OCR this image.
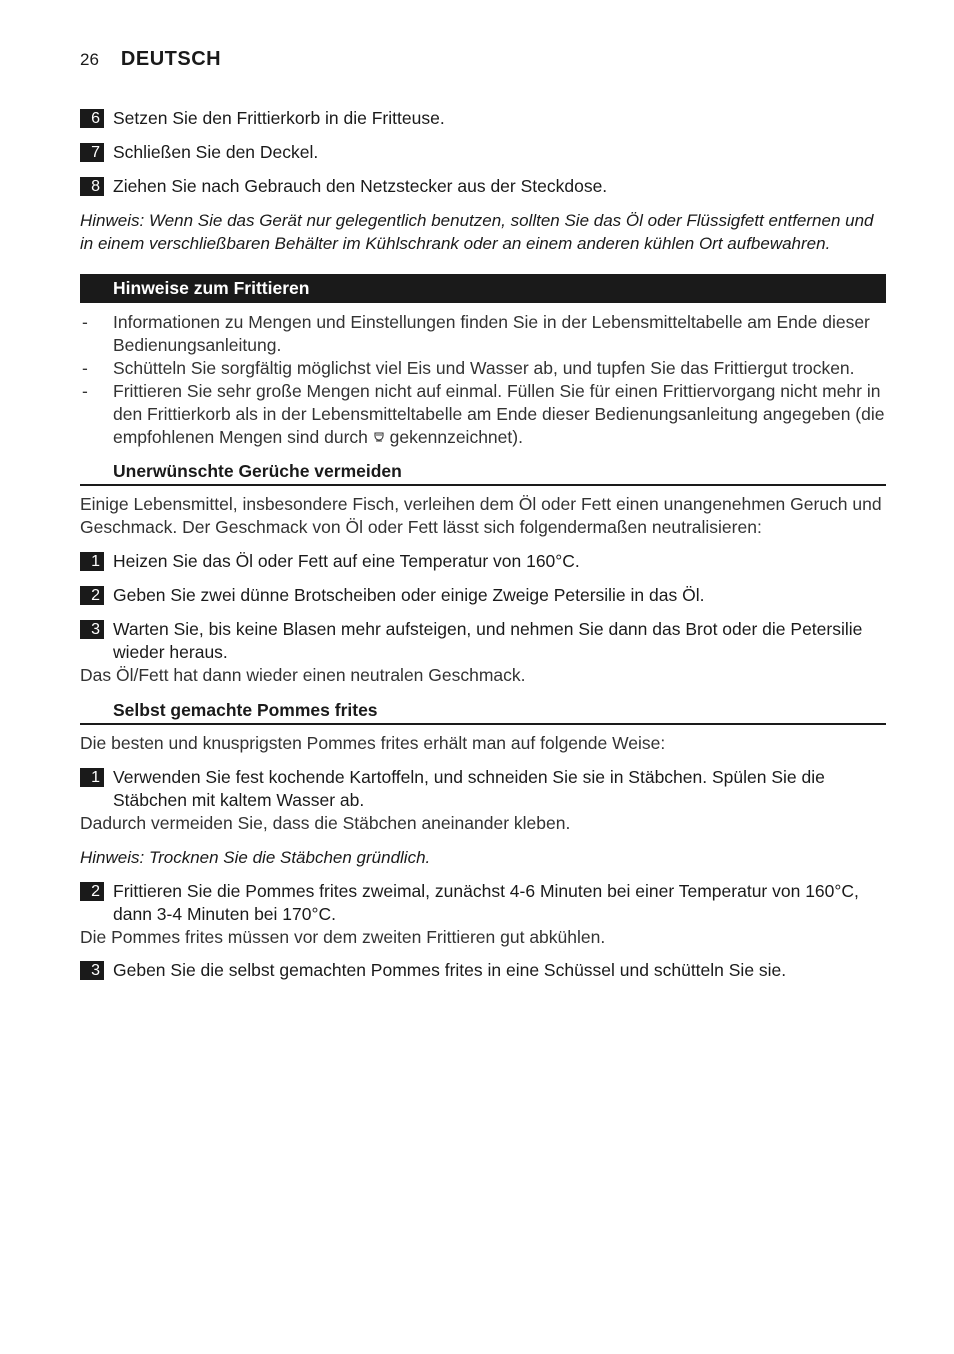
26 DEUTSCH
6 Setzen Sie den Frittierkorb in die Fritteuse.
7 Schließen Sie den Deckel.
8 Ziehen Sie nach Gebrauch den Netzstecker aus der Steckdose.
Hinweis: Wenn Sie das Gerät nur gelegentlich benutzen, sollten Sie das Öl oder Flüssigfett entfernen und in einem verschließbaren Behälter im Kühlschrank oder an einem anderen kühlen Ort aufbewahren.
Hinweise zum Frittieren
- Informationen zu Mengen und Einstellungen finden Sie in der Lebensmitteltabelle am Ende dieser Bedienungsanleitung.
- Schütteln Sie sorgfältig möglichst viel Eis und Wasser ab, und tupfen Sie das Frittiergut trocken.
- Frittieren Sie sehr große Mengen nicht auf einmal. Füllen Sie für einen Frittiervorgang nicht mehr in den Frittierkorb als in der Lebensmitteltabelle am Ende dieser Bedienungsanleitung angegeben (die empfohlenen Mengen sind durch gekennzeichnet).
Unerwünschte Gerüche vermeiden
Einige Lebensmittel, insbesondere Fisch, verleihen dem Öl oder Fett einen unangenehmen Geruch und Geschmack. Der Geschmack von Öl oder Fett lässt sich folgendermaßen neutralisieren:
1 Heizen Sie das Öl oder Fett auf eine Temperatur von 160°C.
2 Geben Sie zwei dünne Brotscheiben oder einige Zweige Petersilie in das Öl.
3 Warten Sie, bis keine Blasen mehr aufsteigen, und nehmen Sie dann das Brot oder die Petersilie wieder heraus.
Das Öl/Fett hat dann wieder einen neutralen Geschmack.
Selbst gemachte Pommes frites
Die besten und knusprigsten Pommes frites erhält man auf folgende Weise:
1 Verwenden Sie fest kochende Kartoffeln, und schneiden Sie sie in Stäbchen. Spülen Sie die Stäbchen mit kaltem Wasser ab.
Dadurch vermeiden Sie, dass die Stäbchen aneinander kleben.
Hinweis: Trocknen Sie die Stäbchen gründlich.
2 Frittieren Sie die Pommes frites zweimal, zunächst 4-6 Minuten bei einer Temperatur von 160°C, dann 3-4 Minuten bei 170°C.
Die Pommes frites müssen vor dem zweiten Frittieren gut abkühlen.
3 Geben Sie die selbst gemachten Pommes frites in eine Schüssel und schütteln Sie sie.
